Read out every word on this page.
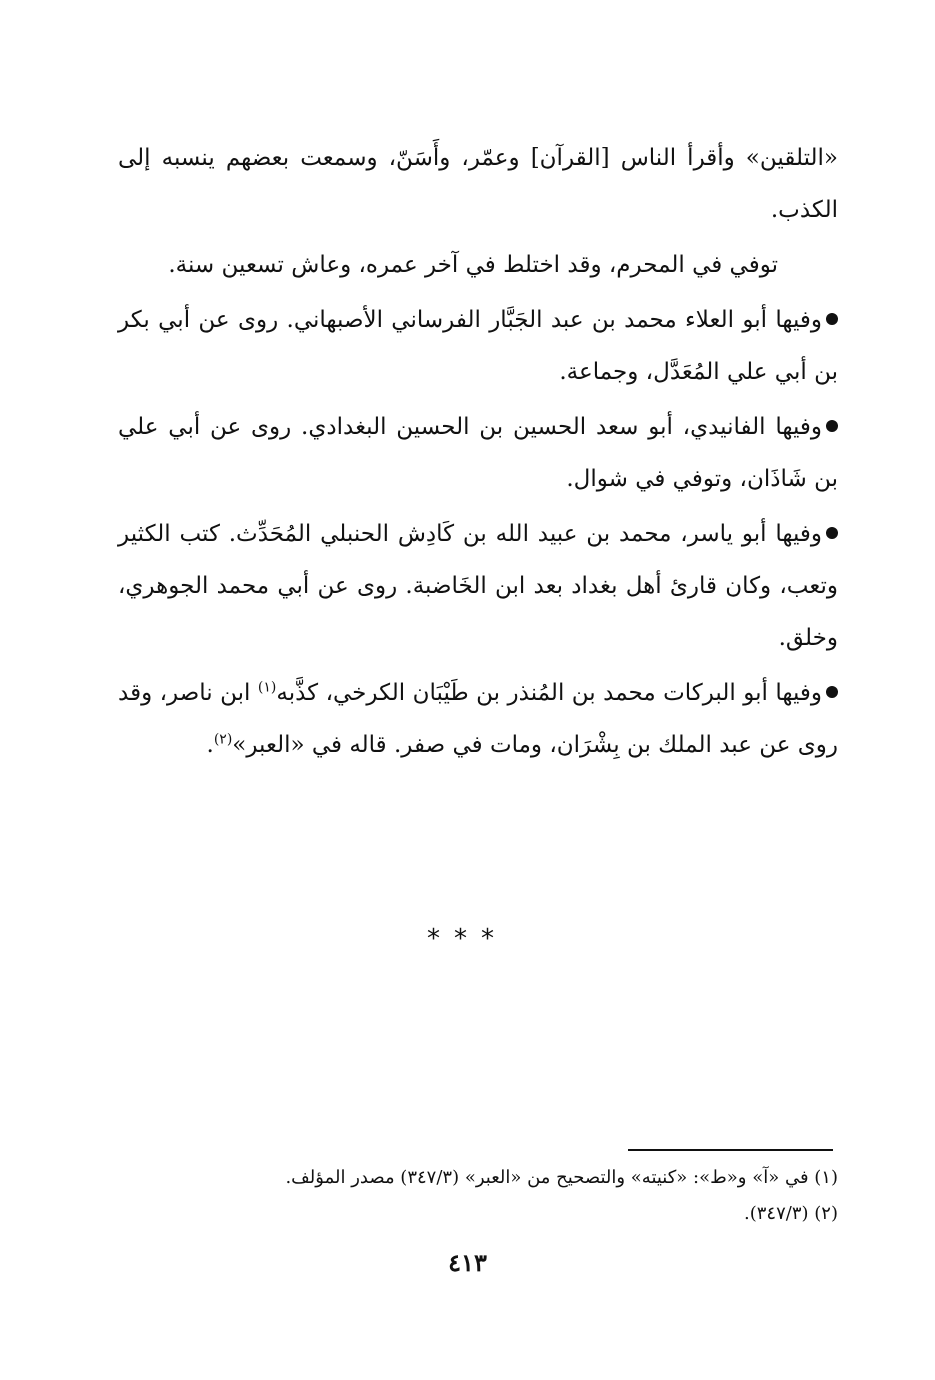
«التلقين» وأقرأ الناس [القرآن] وعمّر، وأَسَنّ، وسمعت بعضهم ينسبه إلى الكذب.

توفي في المحرم، وقد اختلط في آخر عمره، وعاش تسعين سنة.

وفيها أبو العلاء محمد بن عبد الجَبَّار الفرساني الأصبهاني. روى عن أبي بكر بن أبي علي المُعَدَّل، وجماعة.

وفيها الفانيدي، أبو سعد الحسين بن الحسين البغدادي. روى عن أبي علي بن شَاذَان، وتوفي في شوال.

وفيها أبو ياسر، محمد بن عبيد الله بن كَادِش الحنبلي المُحَدِّث. كتب الكثير وتعب، وكان قارئ أهل بغداد بعد ابن الخَاضبة. روى عن أبي محمد الجوهري، وخلق.

وفيها أبو البركات محمد بن المُنذر بن طَيْبَان الكرخي، كذَّبه$^{(١)}$ ابن ناصر، وقد روى عن عبد الملك بن بِشْرَان، ومات في صفر. قاله في «العبر»$^{(٢)}$.

***

(١) في «آ» و«ط»: «كنيته» والتصحيح من «العبر» (٣٤٧/٣) مصدر المؤلف.

(٢) (٣٤٧/٣).

٤١٣
